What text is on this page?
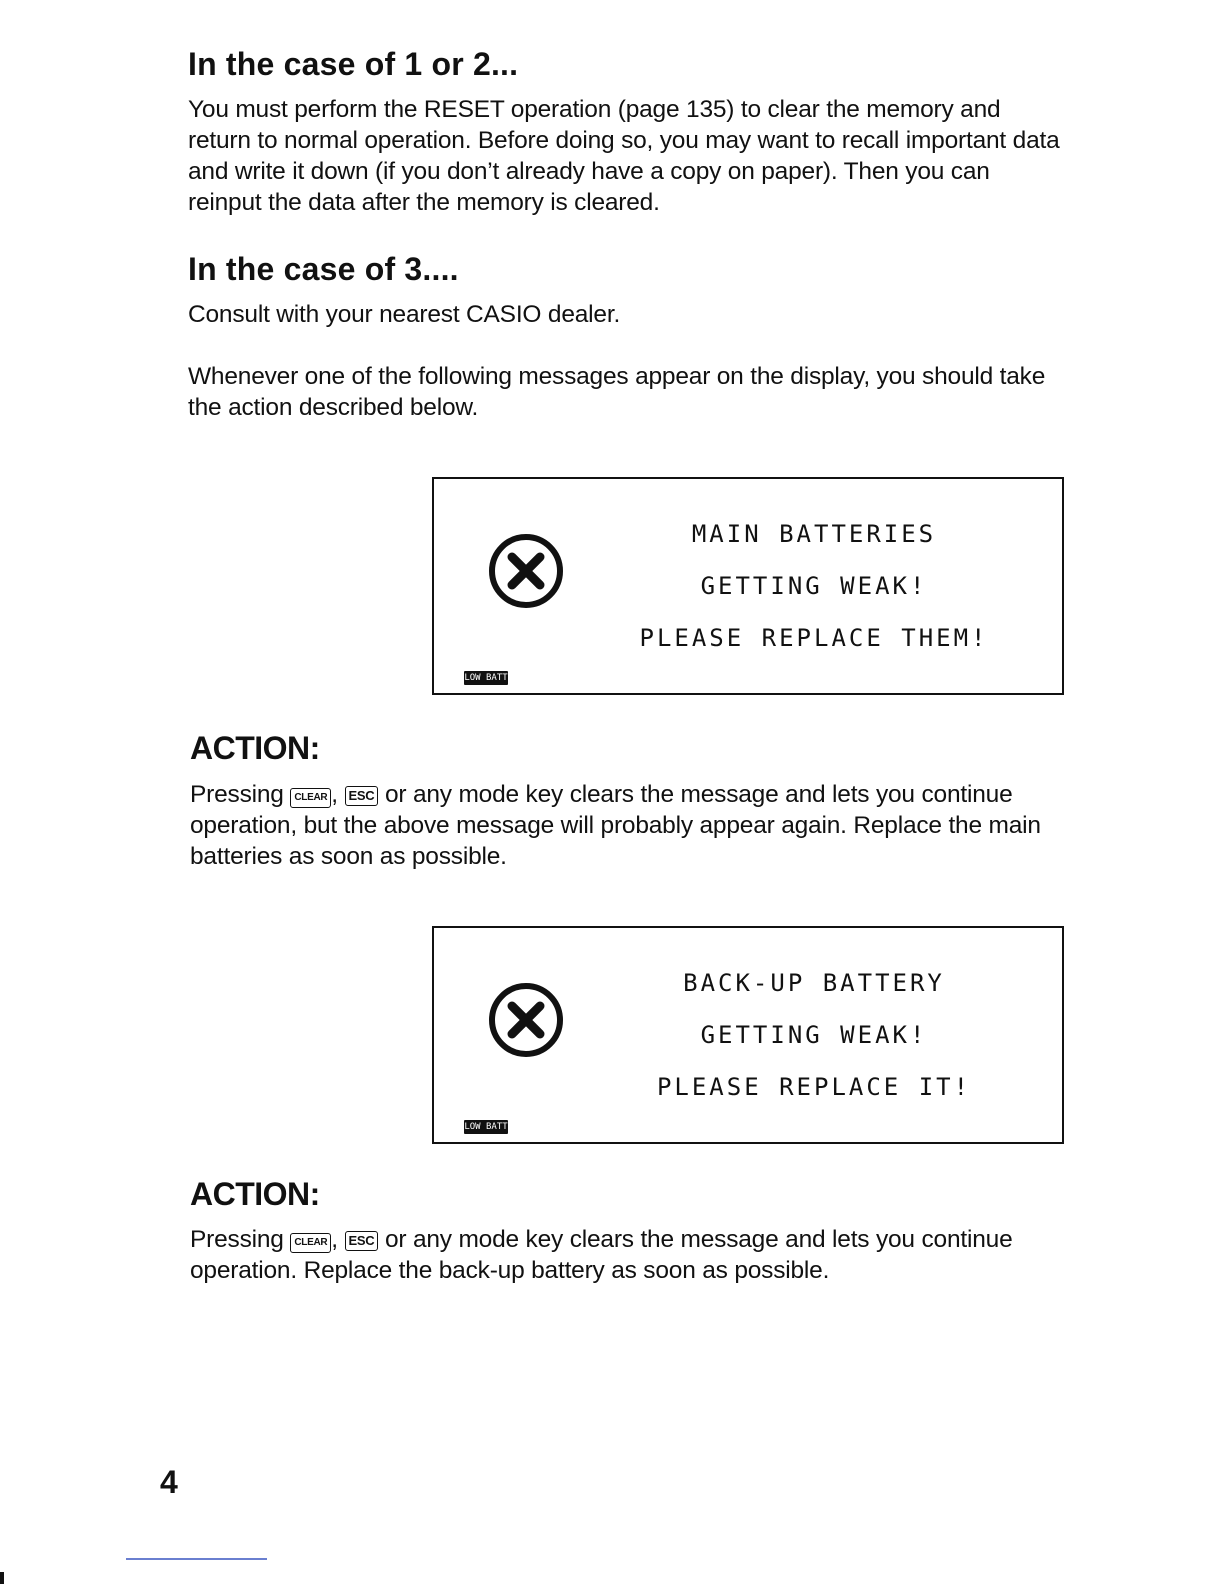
In the case of 1 or 2...
You must perform the RESET operation (page 135) to clear the memory and return to normal operation. Before doing so, you may want to recall important data and write it down (if you don’t already have a copy on paper). Then you can reinput the data after the memory is cleared.
In the case of 3....
Consult with your nearest CASIO dealer.
Whenever one of the following messages appear on the display, you should take the action described below.
MAIN BATTERIES
GETTING WEAK!
PLEASE REPLACE THEM!
LOW BATT
ACTION:
Pressing CLEAR , ESC or any mode key clears the message and lets you continue operation, but the above message will probably appear again. Replace the main batteries as soon as possible.
BACK-UP BATTERY
GETTING WEAK!
PLEASE REPLACE IT!
LOW BATT
ACTION:
Pressing CLEAR , ESC or any mode key clears the message and lets you continue operation. Replace the back-up battery as soon as possible.
4
